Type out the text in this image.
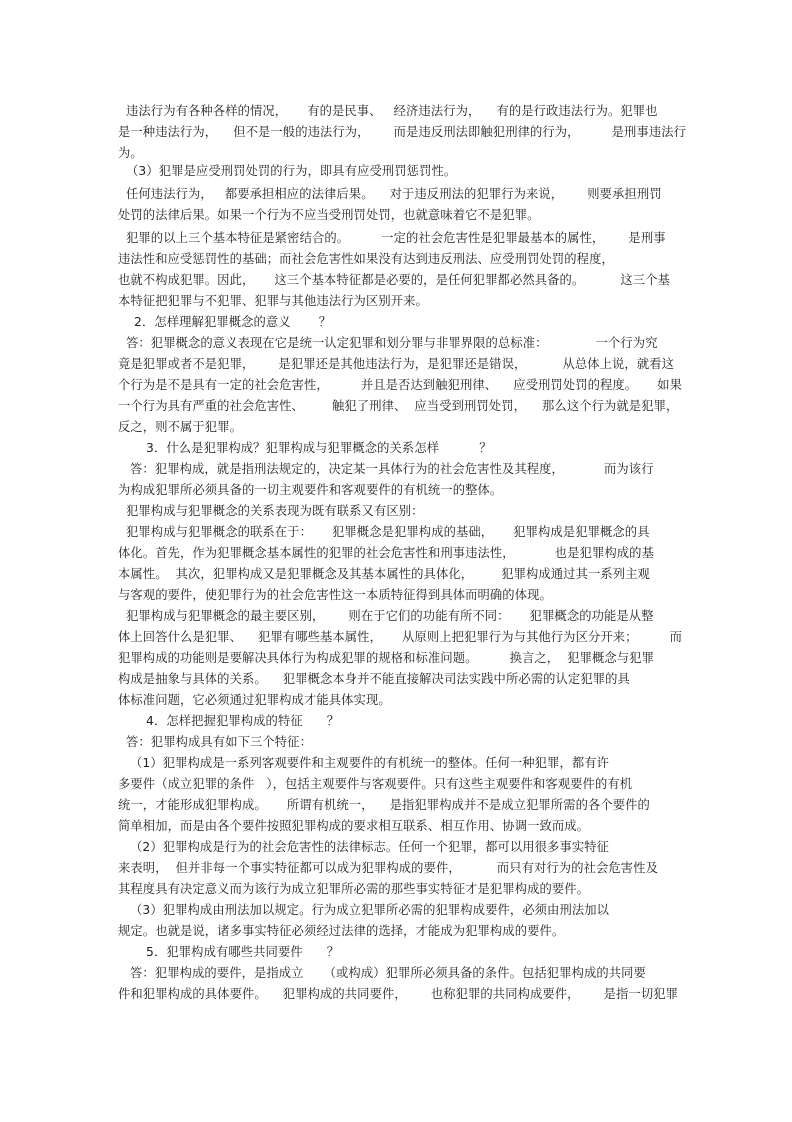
违法行为有各种各样的情况，     有的是民事、   经济违法行为，    有的是行政违法行为。犯罪也
是一种违法行为，    但不是一般的违法行为，      而是违反刑法即触犯刑律的行为，        是刑事违法行
为。
（3）犯罪是应受刑罚处罚的行为，即具有应受刑罚惩罚性。
任何违法行为，   都要承担相应的法律后果。    对于违反刑法的犯罪行为来说，      则要承担刑罚
处罚的法律后果。如果一个行为不应当受刑罚处罚，也就意味着它不是犯罪。
犯罪的以上三个基本特征是紧密结合的。        一定的社会危害性是犯罪最基本的属性，      是刑事
违法性和应受惩罚性的基础；而社会危害性如果没有达到违反刑法、应受刑罚处罚的程度，
也就不构成犯罪。因此，     这三个基本特征都是必要的，是任何犯罪都必然具备的。         这三个基
本特征把犯罪与不犯罪、犯罪与其他违法行为区别开来。
2．怎样理解犯罪概念的意义       ？
答：犯罪概念的意义表现在它是统一认定犯罪和划分罪与非罪界限的总标准：            一个行为究
竟是犯罪或者不是犯罪，      是犯罪还是其他违法行为，是犯罪还是错误，         从总体上说，就看这
个行为是不是具有一定的社会危害性，        并且是否达到触犯刑律、    应受刑罚处罚的程度。     如果
一个行为具有严重的社会危害性、       触犯了刑律、  应当受到刑罚处罚，    那么这个行为就是犯罪，
反之，则不属于犯罪。
3．什么是犯罪构成？犯罪构成与犯罪概念的关系怎样          ？
答：犯罪构成，就是指刑法规定的，决定某一具体行为的社会危害性及其程度，          而为该行
为构成犯罪所必须具备的一切主观要件和客观要件的有机统一的整体。
犯罪构成与犯罪概念的关系表现为既有联系又有区别：
犯罪构成与犯罪概念的联系在于：     犯罪概念是犯罪构成的基础，     犯罪构成是犯罪概念的具
体化。首先，作为犯罪概念基本属性的犯罪的社会危害性和刑事违法性，          也是犯罪构成的基
本属性。  其次，犯罪构成又是犯罪概念及其基本属性的具体化，       犯罪构成通过其一系列主观
与客观的要件，使犯罪行为的社会危害性这一本质特征得到具体而明确的体现。
犯罪构成与犯罪概念的最主要区别，      则在于它们的功能有所不同：     犯罪概念的功能是从整
体上回答什么是犯罪、    犯罪有哪些基本属性，     从原则上把犯罪行为与其他行为区分开来；        而
犯罪构成的功能则是要解决具体行为构成犯罪的规格和标准问题。        换言之，  犯罪概念与犯罪
构成是抽象与具体的关系。    犯罪概念本身并不能直接解决司法实践中所必需的认定犯罪的具
体标准问题，它必须通过犯罪构成才能具体实现。
4．怎样把握犯罪构成的特征      ？
答：犯罪构成具有如下三个特征：
（1）犯罪构成是一系列客观要件和主观要件的有机统一的整体。任何一种犯罪，都有许
多要件（成立犯罪的条件   ），包括主观要件与客观要件。只有这些主观要件和客观要件的有机
统一，才能形成犯罪构成。     所谓有机统一，    是指犯罪构成并不是成立犯罪所需的各个要件的
简单相加，而是由各个要件按照犯罪构成的要求相互联系、相互作用、协调一致而成。
（2）犯罪构成是行为的社会危害性的法律标志。任何一个犯罪，都可以用很多事实特征
来表明，  但并非每一个事实特征都可以成为犯罪构成的要件，         而只有对行为的社会危害性及
其程度具有决定意义而为该行为成立犯罪所必需的那些事实特征才是犯罪构成的要件。
（3）犯罪构成由刑法加以规定。行为成立犯罪所必需的犯罪构成要件，必须由刑法加以
规定。也就是说，诸多事实特征必须经过法律的选择，才能成为犯罪构成的要件。
5．犯罪构成有哪些共同要件      ？
答：犯罪构成的要件，是指成立     （或构成）犯罪所必须具备的条件。包括犯罪构成的共同要
件和犯罪构成的具体要件。    犯罪构成的共同要件，      也称犯罪的共同构成要件，      是指一切犯罪
